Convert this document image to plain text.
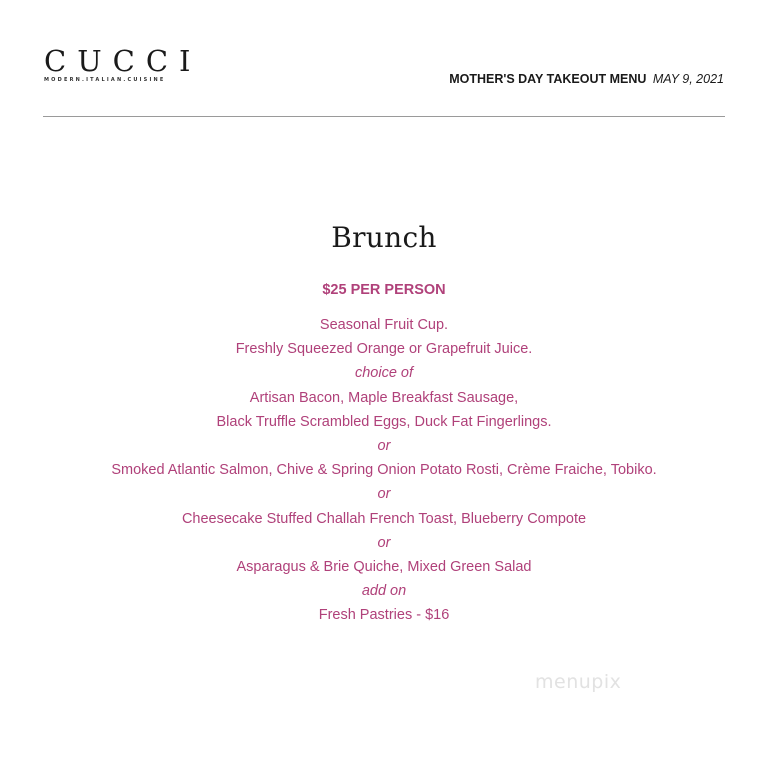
CUCCI
MODERN.ITALIAN.CUISINE	MOTHER'S DAY TAKEOUT MENU MAY 9, 2021
Brunch
$25 PER PERSON
Seasonal Fruit Cup.
Freshly Squeezed Orange or Grapefruit Juice.
choice of
Artisan Bacon, Maple Breakfast Sausage,
Black Truffle Scrambled Eggs, Duck Fat Fingerlings.
or
Smoked Atlantic Salmon, Chive & Spring Onion Potato Rosti, Crème Fraiche, Tobiko.
or
Cheesecake Stuffed Challah French Toast, Blueberry Compote
or
Asparagus & Brie Quiche, Mixed Green Salad
add on
Fresh Pastries - $16
menupix
